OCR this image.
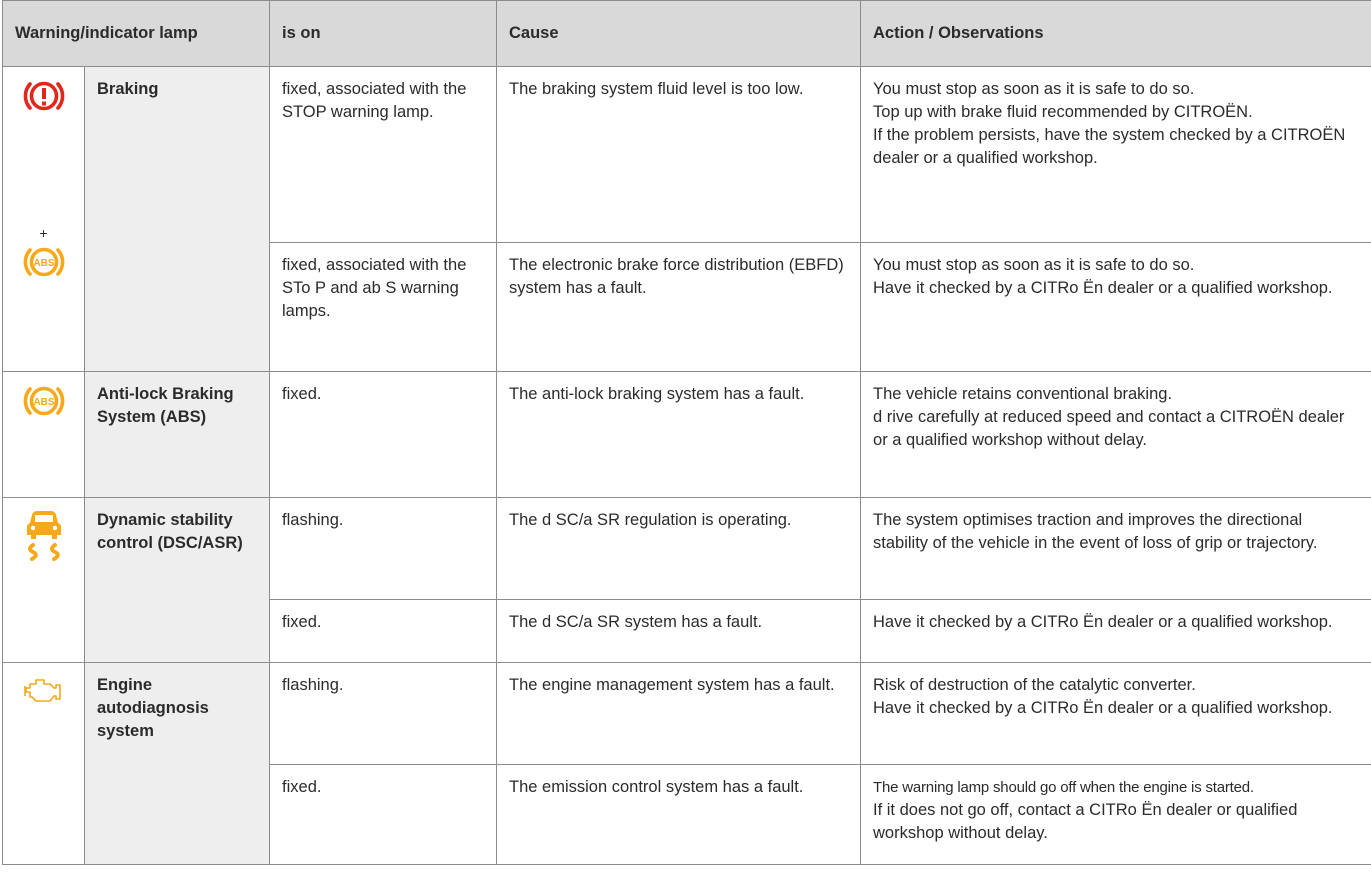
Warning/indicator lamp		is on	Cause	Action / Observations

+
ABS	Braking	fixed, associated with the STOP warning lamp.	The braking system fluid level is too low.	You must stop as soon as it is safe to do so.
Top up with brake fluid recommended by CITROËN.
If the problem persists, have the system checked by a CITROËN dealer or a qualified workshop.

		fixed, associated with the STo P and ab S warning lamps.	The electronic brake force distribution (EBFD) system has a fault.	You must stop as soon as it is safe to do so.
Have it checked by a CITRo Ën dealer or a qualified workshop.

ABS	Anti-lock Braking System (ABS)	fixed.	The anti-lock braking system has a fault.	The vehicle retains conventional braking.
d rive carefully at reduced speed and contact a CITROËN dealer or a qualified workshop without delay.

	Dynamic stability control (DSC/ASR)	flashing.	The d SC/a SR regulation is operating.	The system optimises traction and improves the directional stability of the vehicle in the event of loss of grip or trajectory.

		fixed.	The d SC/a SR system has a fault.	Have it checked by a CITRo Ën dealer or a qualified workshop.

	Engine autodiagnosis system	flashing.	The engine management system has a fault.	Risk of destruction of the catalytic converter.
Have it checked by a CITRo Ën dealer or a qualified workshop.

		fixed.	The emission control system has a fault.	The warning lamp should go off when the engine is started.
If it does not go off, contact a CITRo Ën dealer or qualified workshop without delay.
